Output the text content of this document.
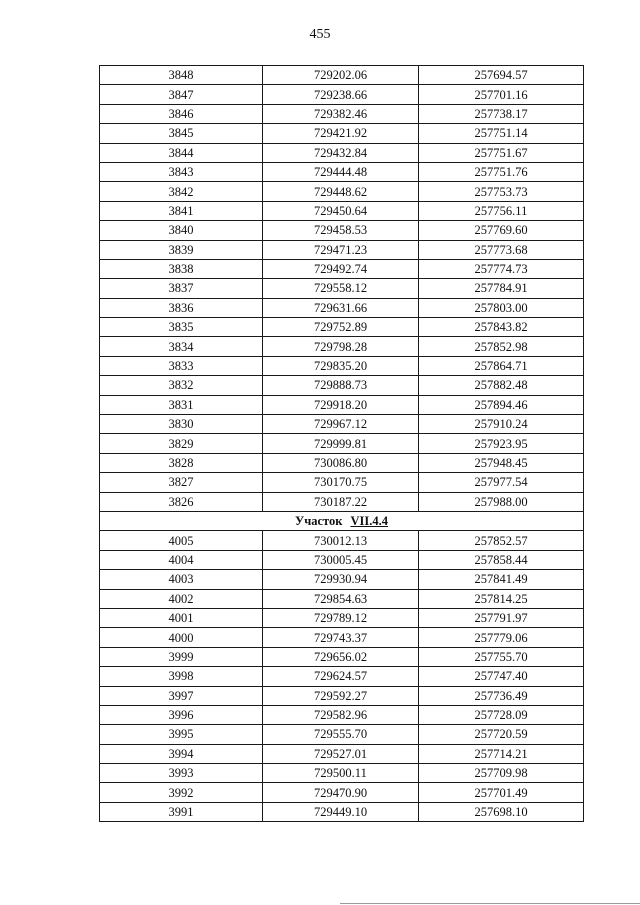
455
3848	729202.06	257694.57
3847	729238.66	257701.16
3846	729382.46	257738.17
3845	729421.92	257751.14
3844	729432.84	257751.67
3843	729444.48	257751.76
3842	729448.62	257753.73
3841	729450.64	257756.11
3840	729458.53	257769.60
3839	729471.23	257773.68
3838	729492.74	257774.73
3837	729558.12	257784.91
3836	729631.66	257803.00
3835	729752.89	257843.82
3834	729798.28	257852.98
3833	729835.20	257864.71
3832	729888.73	257882.48
3831	729918.20	257894.46
3830	729967.12	257910.24
3829	729999.81	257923.95
3828	730086.80	257948.45
3827	730170.75	257977.54
3826	730187.22	257988.00
Участок VII.4.4		
4005	730012.13	257852.57
4004	730005.45	257858.44
4003	729930.94	257841.49
4002	729854.63	257814.25
4001	729789.12	257791.97
4000	729743.37	257779.06
3999	729656.02	257755.70
3998	729624.57	257747.40
3997	729592.27	257736.49
3996	729582.96	257728.09
3995	729555.70	257720.59
3994	729527.01	257714.21
3993	729500.11	257709.98
3992	729470.90	257701.49
3991	729449.10	257698.10
